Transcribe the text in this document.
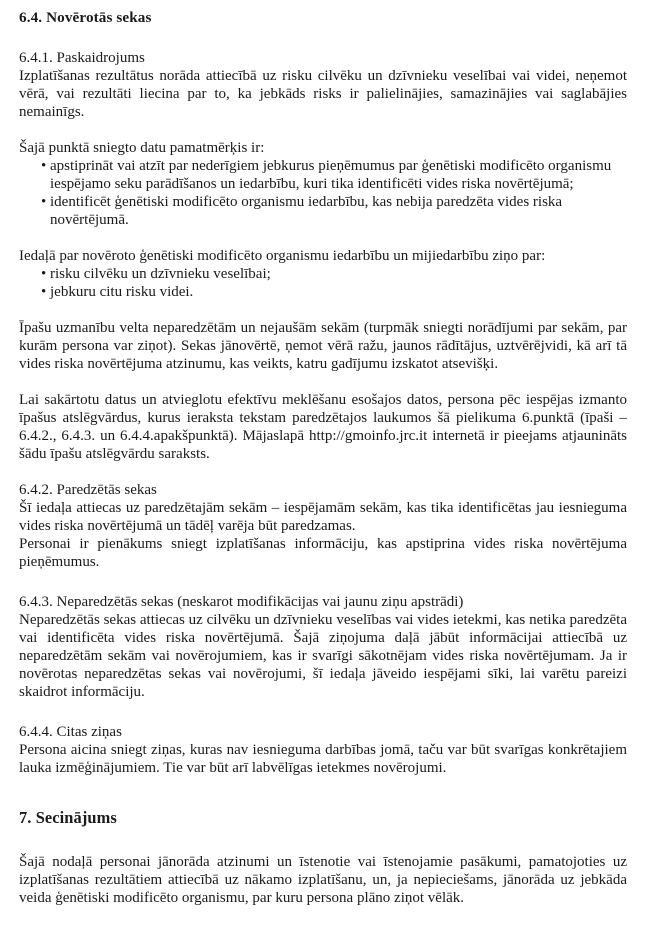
6.4. Novērotās sekas
6.4.1. Paskaidrojums

Izplatīšanas rezultātus norāda attiecībā uz risku cilvēku un dzīvnieku veselībai vai videi, neņemot vērā, vai rezultāti liecina par to, ka jebkāds risks ir palielinājies, samazinājies vai saglabājies nemainīgs.

Šajā punktā sniegto datu pamatmērķis ir:

• apstiprināt vai atzīt par nederīgiem jebkurus pieņēmumus par ģenētiski modificēto organismu iespējamo seku parādīšanos un iedarbību, kuri tika identificēti vides riska novērtējumā;
• identificēt ģenētiski modificēto organismu iedarbību, kas nebija paredzēta vides riska novērtējumā.

Iedaļā par novēroto ģenētiski modificēto organismu iedarbību un mijiedarbību ziņo par:

• risku cilvēku un dzīvnieku veselībai;
• jebkuru citu risku videi.

Īpašu uzmanību velta neparedzētām un nejaušām sekām (turpmāk sniegti norādījumi par sekām, par kurām persona var ziņot). Sekas jānovērtē, ņemot vērā ražu, jaunos rādītājus, uztvērējvidi, kā arī tā vides riska novērtējuma atzinumu, kas veikts, katru gadījumu izskatot atsevišķi.

Lai sakārtotu datus un atvieglotu efektīvu meklēšanu esošajos datos, persona pēc iespējas izmanto īpašus atslēgvārdus, kurus ieraksta tekstam paredzētajos laukumos šā pielikuma 6.punktā (īpaši – 6.4.2., 6.4.3. un 6.4.4.apakšpunktā). Mājaslapā http://gmoinfo.jrc.it internetā ir pieejams atjaunināts šādu īpašu atslēgvārdu saraksts.

6.4.2. Paredzētās sekas

Šī iedaļa attiecas uz paredzētajām sekām – iespējamām sekām, kas tika identificētas jau iesnieguma vides riska novērtējumā un tādēļ varēja būt paredzamas.

Personai ir pienākums sniegt izplatīšanas informāciju, kas apstiprina vides riska novērtējuma pieņēmumus.

6.4.3. Neparedzētās sekas (neskarot modifikācijas vai jaunu ziņu apstrādi)

Neparedzētās sekas attiecas uz cilvēku un dzīvnieku veselības vai vides ietekmi, kas netika paredzēta vai identificēta vides riska novērtējumā. Šajā ziņojuma daļā jābūt informācijai attiecībā uz neparedzētām sekām vai novērojumiem, kas ir svarīgi sākotnējam vides riska novērtējumam. Ja ir novērotas neparedzētas sekas vai novērojumi, šī iedaļa jāveido iespējami sīki, lai varētu pareizi skaidrot informāciju.

6.4.4. Citas ziņas

Persona aicina sniegt ziņas, kuras nav iesnieguma darbības jomā, taču var būt svarīgas konkrētajiem lauka izmēģinājumiem. Tie var būt arī labvēlīgas ietekmes novērojumi.

7. Secinājums

Šajā nodaļā personai jānorāda atzinumi un īstenotie vai īstenojamie pasākumi, pamatojoties uz izplatīšanas rezultātiem attiecībā uz nākamo izplatīšanu, un, ja nepieciešams, jānorāda uz jebkāda veida ģenētiski modificēto organismu, par kuru persona plāno ziņot vēlāk.
